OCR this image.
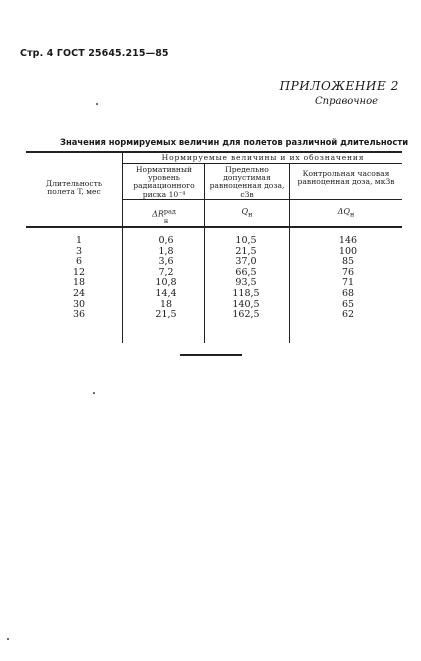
Стр. 4 ГОСТ 25645.215—85
ПРИЛОЖЕНИЕ 2
Справочное
Значения нормируемых величин для полетов различной длительности
Нормируемые величины и их обозначения
Длительность полета T, мес
Нормативный уровень радиационного риска 10⁻⁴
Предельно допустимая равноценная доза, сЗв
Контрольная часовая равноценная доза, мкЗв
$\Delta R^{рад}$
н
$Q_н$	$\Delta Q_н$
1
3
6
12
18
24
30
36
0,6
1,8
3,6
7,2
10,8
14,4
18
21,5
10,5
21,5
37,0
66,5
93,5
118,5
140,5
162,5
146
100
85
76
71
68
65
62
